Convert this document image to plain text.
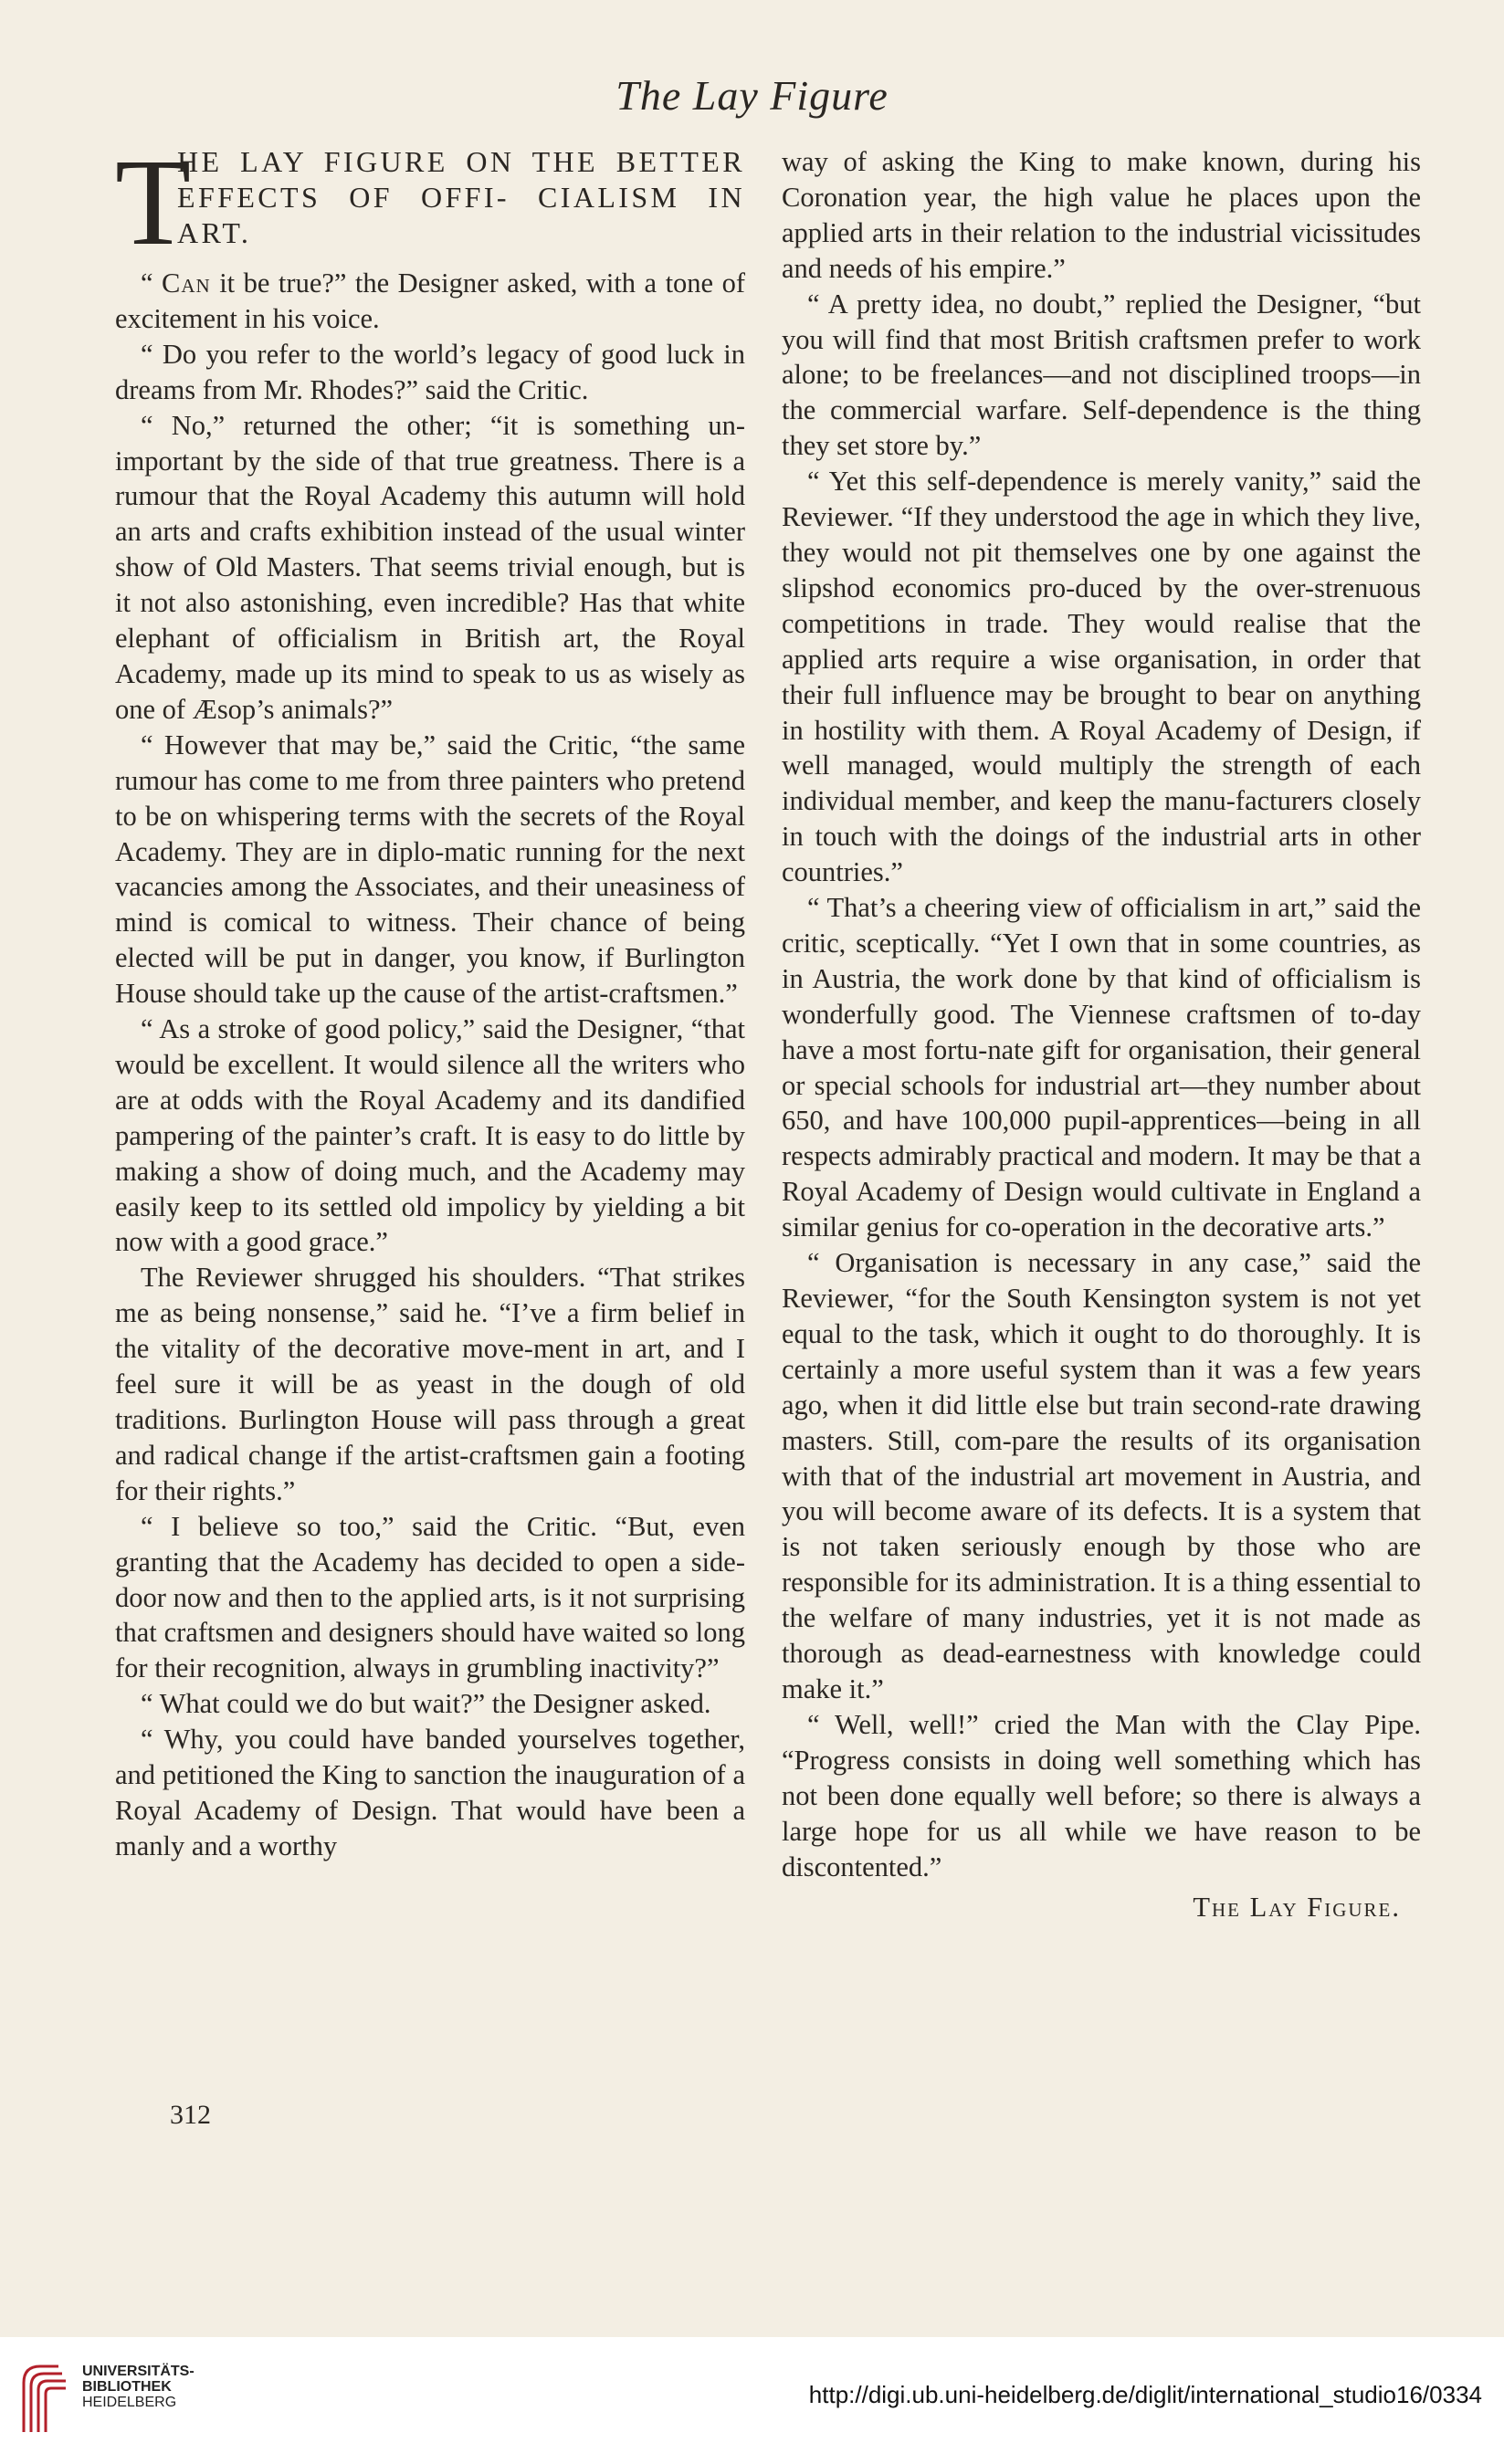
The Lay Figure
T
HE LAY FIGURE ON THE BETTER EFFECTS OF OFFI- CIALISM IN ART.

“ Can it be true?” the Designer asked, with a tone of excitement in his voice.

“ Do you refer to the world’s legacy of good luck in dreams from Mr. Rhodes?” said the Critic.

“ No,” returned the other; “it is something un-important by the side of that true greatness. There is a rumour that the Royal Academy this autumn will hold an arts and crafts exhibition instead of the usual winter show of Old Masters. That seems trivial enough, but is it not also astonishing, even incredible? Has that white elephant of officialism in British art, the Royal Academy, made up its mind to speak to us as wisely as one of Æsop’s animals?”

“ However that may be,” said the Critic, “the same rumour has come to me from three painters who pretend to be on whispering terms with the secrets of the Royal Academy. They are in diplo-matic running for the next vacancies among the Associates, and their uneasiness of mind is comical to witness. Their chance of being elected will be put in danger, you know, if Burlington House should take up the cause of the artist-craftsmen.”

“ As a stroke of good policy,” said the Designer, “that would be excellent. It would silence all the writers who are at odds with the Royal Academy and its dandified pampering of the painter’s craft. It is easy to do little by making a show of doing much, and the Academy may easily keep to its settled old impolicy by yielding a bit now with a good grace.”

The Reviewer shrugged his shoulders. “That strikes me as being nonsense,” said he. “I’ve a firm belief in the vitality of the decorative move-ment in art, and I feel sure it will be as yeast in the dough of old traditions. Burlington House will pass through a great and radical change if the artist-craftsmen gain a footing for their rights.”

“ I believe so too,” said the Critic. “But, even granting that the Academy has decided to open a side-door now and then to the applied arts, is it not surprising that craftsmen and designers should have waited so long for their recognition, always in grumbling inactivity?”

“ What could we do but wait?” the Designer asked.

“ Why, you could have banded yourselves together, and petitioned the King to sanction the inauguration of a Royal Academy of Design. That would have been a manly and a worthy

way of asking the King to make known, during his Coronation year, the high value he places upon the applied arts in their relation to the industrial vicissitudes and needs of his empire.”

“ A pretty idea, no doubt,” replied the Designer, “but you will find that most British craftsmen prefer to work alone; to be freelances—and not disciplined troops—in the commercial warfare. Self-dependence is the thing they set store by.”

“ Yet this self-dependence is merely vanity,” said the Reviewer. “If they understood the age in which they live, they would not pit themselves one by one against the slipshod economics pro-duced by the over-strenuous competitions in trade. They would realise that the applied arts require a wise organisation, in order that their full influence may be brought to bear on anything in hostility with them. A Royal Academy of Design, if well managed, would multiply the strength of each individual member, and keep the manu-facturers closely in touch with the doings of the industrial arts in other countries.”

“ That’s a cheering view of officialism in art,” said the critic, sceptically. “Yet I own that in some countries, as in Austria, the work done by that kind of officialism is wonderfully good. The Viennese craftsmen of to-day have a most fortu-nate gift for organisation, their general or special schools for industrial art—they number about 650, and have 100,000 pupil-apprentices—being in all respects admirably practical and modern. It may be that a Royal Academy of Design would cultivate in England a similar genius for co-operation in the decorative arts.”

“ Organisation is necessary in any case,” said the Reviewer, “for the South Kensington system is not yet equal to the task, which it ought to do thoroughly. It is certainly a more useful system than it was a few years ago, when it did little else but train second-rate drawing masters. Still, com-pare the results of its organisation with that of the industrial art movement in Austria, and you will become aware of its defects. It is a system that is not taken seriously enough by those who are responsible for its administration. It is a thing essential to the welfare of many industries, yet it is not made as thorough as dead-earnestness with knowledge could make it.”

“ Well, well!” cried the Man with the Clay Pipe. “Progress consists in doing well something which has not been done equally well before; so there is always a large hope for us all while we have reason to be discontented.”

The Lay Figure.
312
UNIVERSITÄTS-
BIBLIOTHEK
HEIDELBERG	http://digi.ub.uni-heidelberg.de/diglit/international_studio16/0334
